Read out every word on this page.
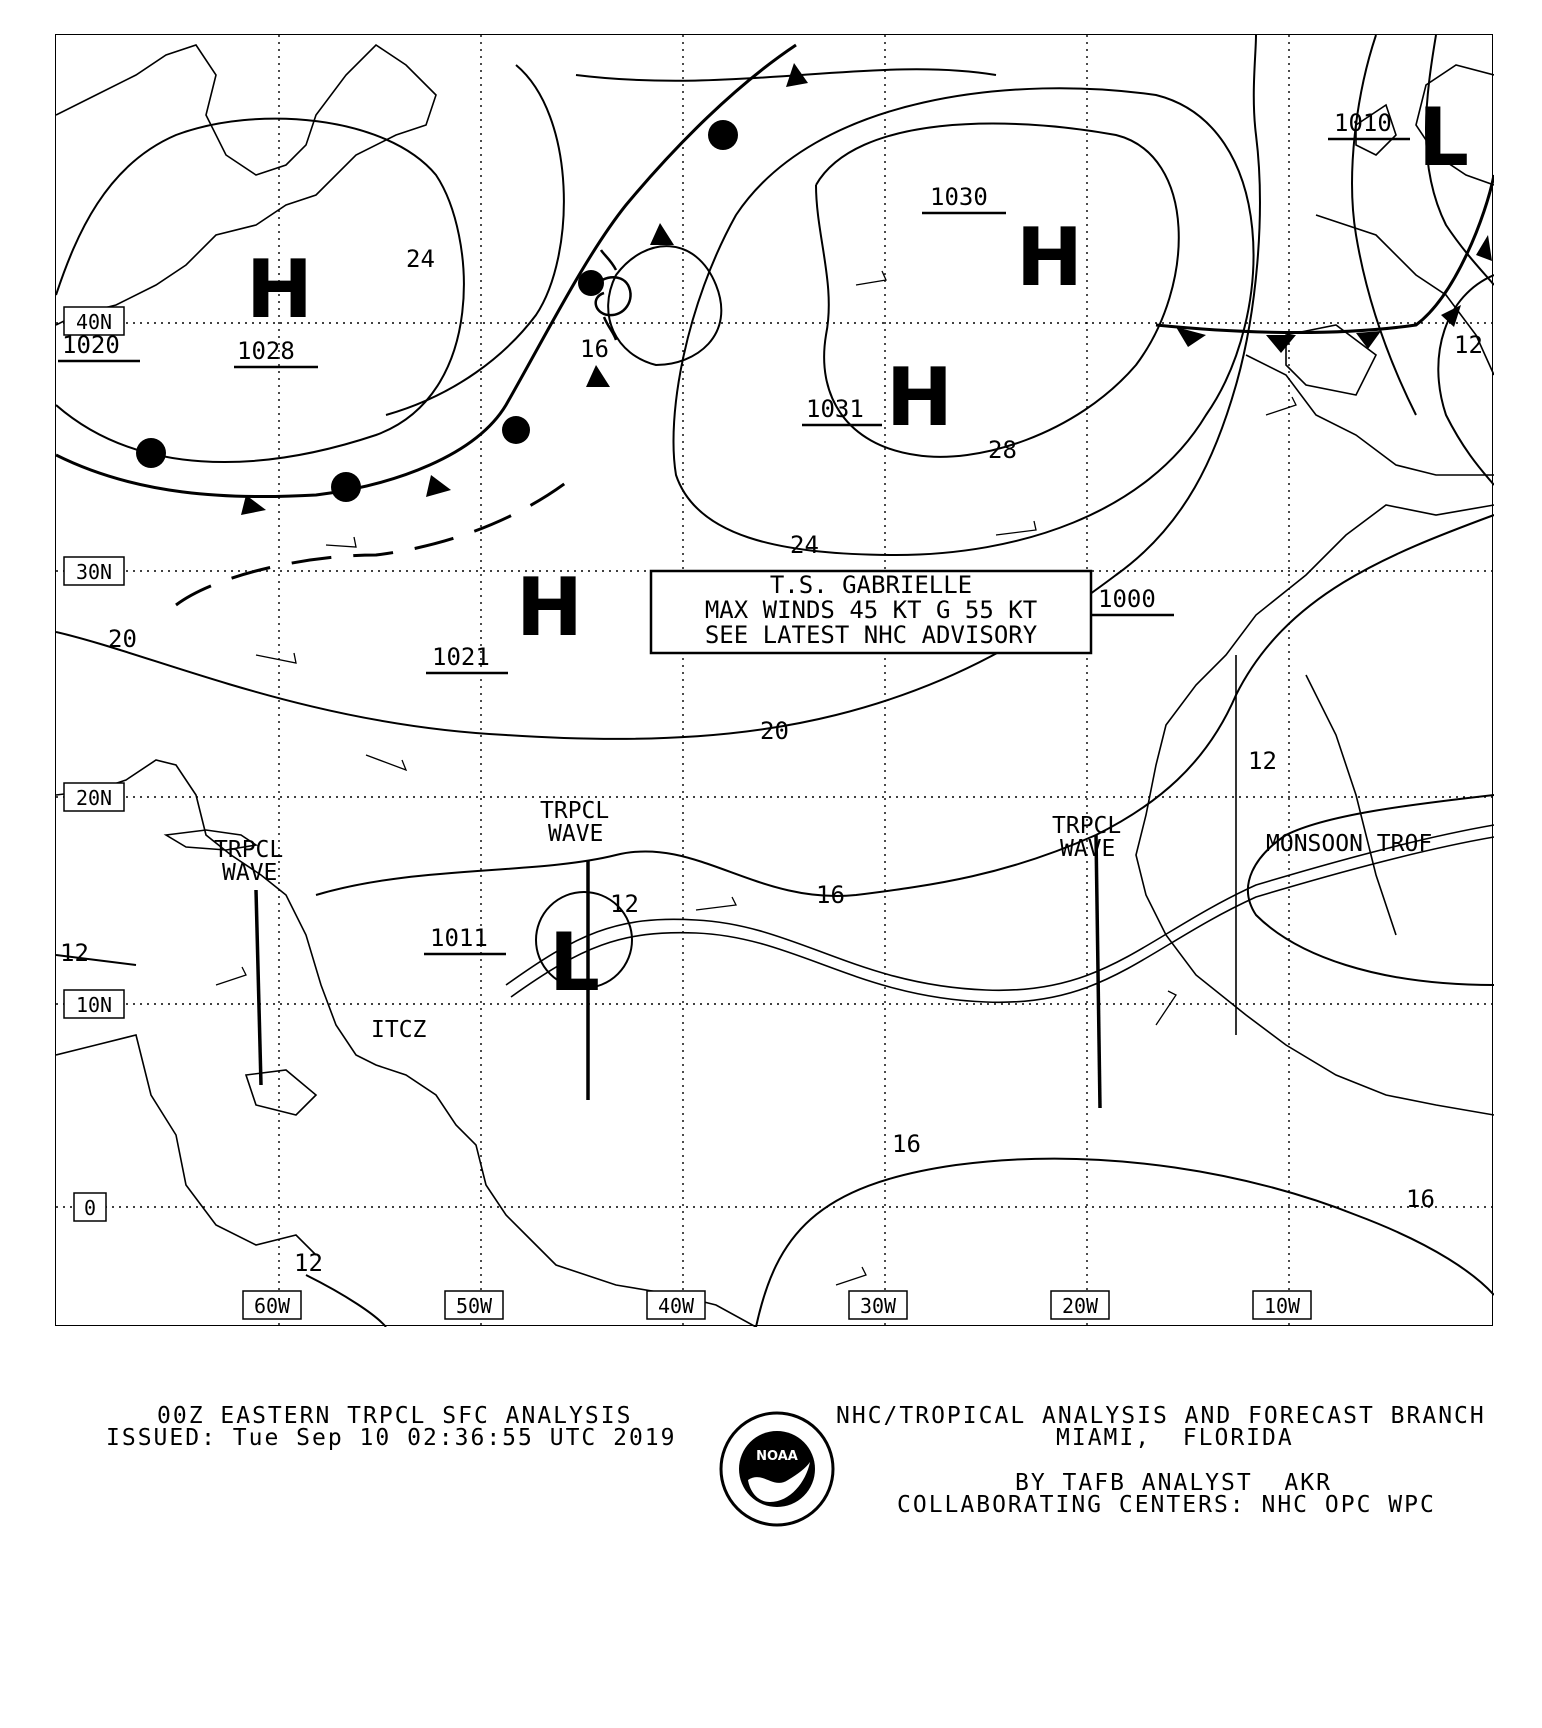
40N
30N
20N
10N
0
60W	50W	40W	30W	20W	10W
H	H
H
H
L
L
1028
1030
1031
1021
1011
1010
1000
1020
24
16
28
24
20
20
12
16
12
16
16
12
12
12
TRPCL
WAVE
TRPCL
WAVE	TRPCL
WAVE
ITCZ
MONSOON TROF
T.S. GABRIELLE
MAX WINDS 45 KT G 55 KT
SEE LATEST NHC ADVISORY
00Z EASTERN TRPCL SFC ANALYSIS
ISSUED: Tue Sep 10 02:36:55 UTC 2019
NHC/TROPICAL ANALYSIS AND FORECAST BRANCH
MIAMI,  FLORIDA
BY TAFB ANALYST  AKR
COLLABORATING CENTERS: NHC OPC WPC
NOAA
